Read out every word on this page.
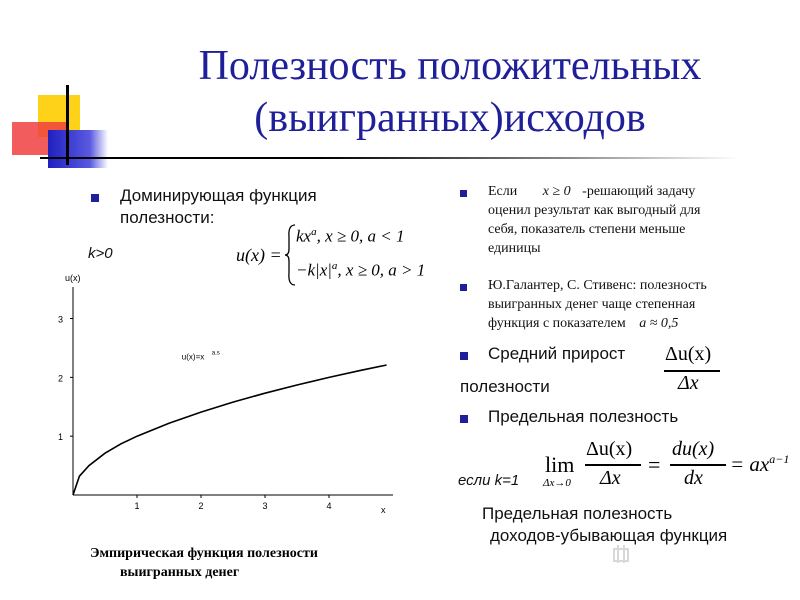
Полезность положительных
(выигранных)исходов
Доминирующая функция
полезности:
k>0	u(x) =
$kx^a$, x ≥ 0, a < 1
$-k|x|^a$, x ≥ 0, a > 1
1
2
3
1	2	3	4
u(x)
x
u(x)=x a.s
Эмпирическая функция полезности
выигранных денег
Если x ≥ 0 -решающий задачу
оценил результат как выгодный для
себя, показатель степени меньше
единицы
Ю.Галантер, С. Стивенс: полезность
выигранных денег чаще степенная
функция с показателем a ≈ 0,5
Средний прирост
полезности
Δu(x)
Δx
Предельная полезность
если k=1
lim
Δx→0
Δu(x)
Δx
=
du(x)
dx
= $ax^{a-1}$
Предельная полезность
доходов-убывающая функция
